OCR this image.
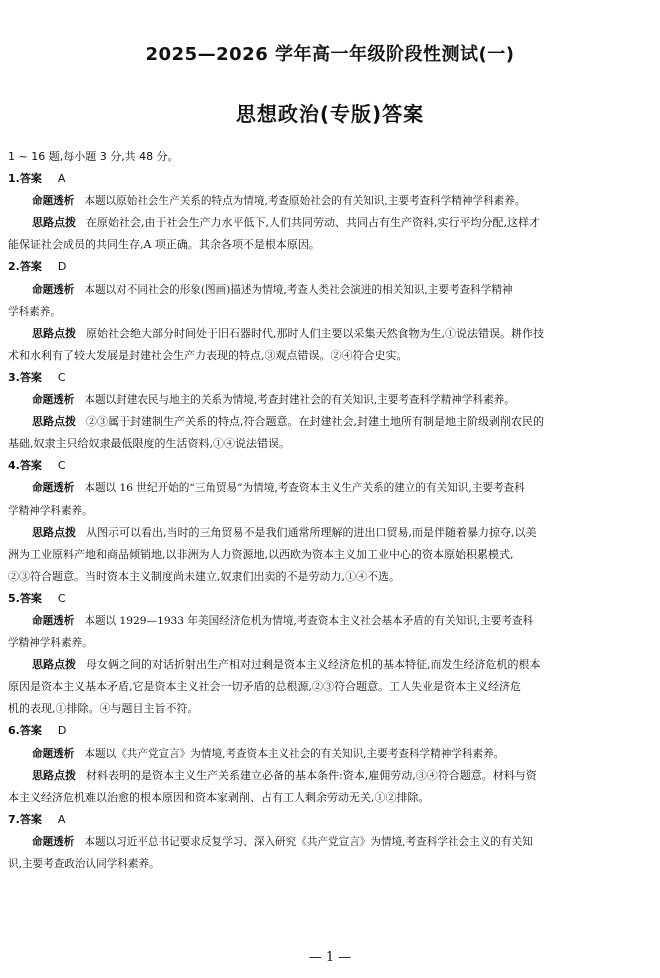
2025—2026 学年高一年级阶段性测试(一)
思想政治(专版)答案
1 ~ 16 题,每小题 3 分,共 48 分。
1.答案 A
命题透析 本题以原始社会生产关系的特点为情境,考查原始社会的有关知识,主要考查科学精神学科素养。
思路点拨 在原始社会,由于社会生产力水平低下,人们共同劳动、共同占有生产资料,实行平均分配,这样才
能保证社会成员的共同生存,A 项正确。其余各项不是根本原因。
2.答案 D
命题透析 本题以对不同社会的形象(图画)描述为情境,考查人类社会演进的相关知识,主要考查科学精神
学科素养。
思路点拨 原始社会绝大部分时间处于旧石器时代,那时人们主要以采集天然食物为生,①说法错误。耕作技
术和水利有了较大发展是封建社会生产力表现的特点,③观点错误。②④符合史实。
3.答案 C
命题透析 本题以封建农民与地主的关系为情境,考查封建社会的有关知识,主要考查科学精神学科素养。
思路点拨 ②③属于封建制生产关系的特点,符合题意。在封建社会,封建土地所有制是地主阶级剥削农民的
基础,奴隶主只给奴隶最低限度的生活资料,①④说法错误。
4.答案 C
命题透析 本题以 16 世纪开始的“三角贸易”为情境,考查资本主义生产关系的建立的有关知识,主要考查科
学精神学科素养。
思路点拨 从图示可以看出,当时的三角贸易不是我们通常所理解的进出口贸易,而是伴随着暴力掠夺,以美
洲为工业原料产地和商品倾销地,以非洲为人力资源地,以西欧为资本主义加工业中心的资本原始积累模式,
②③符合题意。当时资本主义制度尚未建立,奴隶们出卖的不是劳动力,①④不选。
5.答案 C
命题透析 本题以 1929—1933 年美国经济危机为情境,考查资本主义社会基本矛盾的有关知识,主要考查科
学精神学科素养。
思路点拨 母女俩之间的对话折射出生产相对过剩是资本主义经济危机的基本特征,而发生经济危机的根本
原因是资本主义基本矛盾,它是资本主义社会一切矛盾的总根源,②③符合题意。工人失业是资本主义经济危
机的表现,①排除。④与题目主旨不符。
6.答案 D
命题透析 本题以《共产党宣言》为情境,考查资本主义社会的有关知识,主要考查科学精神学科素养。
思路点拨 材料表明的是资本主义生产关系建立必备的基本条件:资本,雇佣劳动,③④符合题意。材料与资
本主义经济危机难以治愈的根本原因和资本家剥削、占有工人剩余劳动无关,①②排除。
7.答案 A
命题透析 本题以习近平总书记要求反复学习、深入研究《共产党宣言》为情境,考查科学社会主义的有关知
识,主要考查政治认同学科素养。
— 1 —
